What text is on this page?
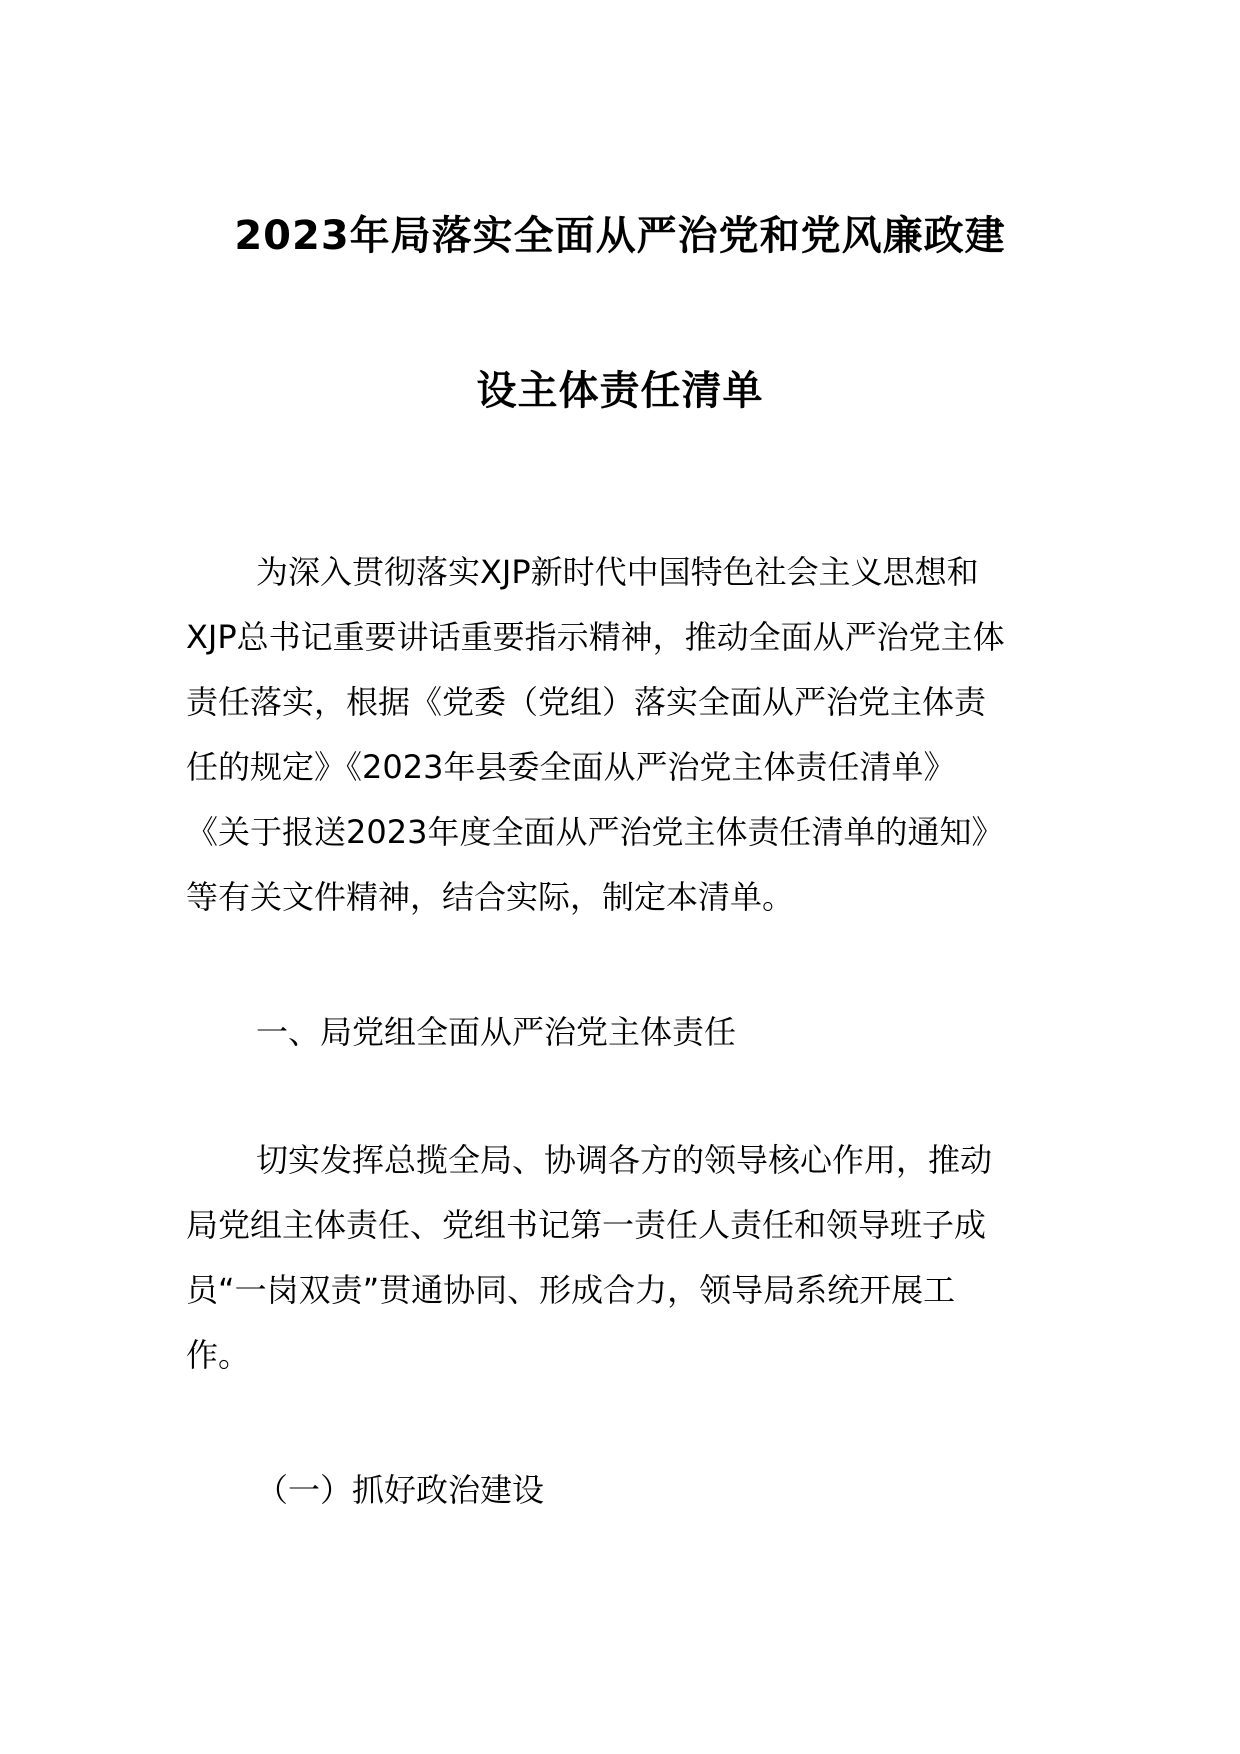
2023年局落实全面从严治党和党风廉政建
设主体责任清单
为深入贯彻落实XJP新时代中国特色社会主义思想和
XJP总书记重要讲话重要指示精神，推动全面从严治党主体
责任落实，根据《党委（党组）落实全面从严治党主体责
任的规定》《2023年县委全面从严治党主体责任清单》
《关于报送2023年度全面从严治党主体责任清单的通知》
等有关文件精神，结合实际，制定本清单。
一、局党组全面从严治党主体责任
切实发挥总揽全局、协调各方的领导核心作用，推动
局党组主体责任、党组书记第一责任人责任和领导班子成
员“一岗双责”贯通协同、形成合力，领导局系统开展工
作。
（一）抓好政治建设
